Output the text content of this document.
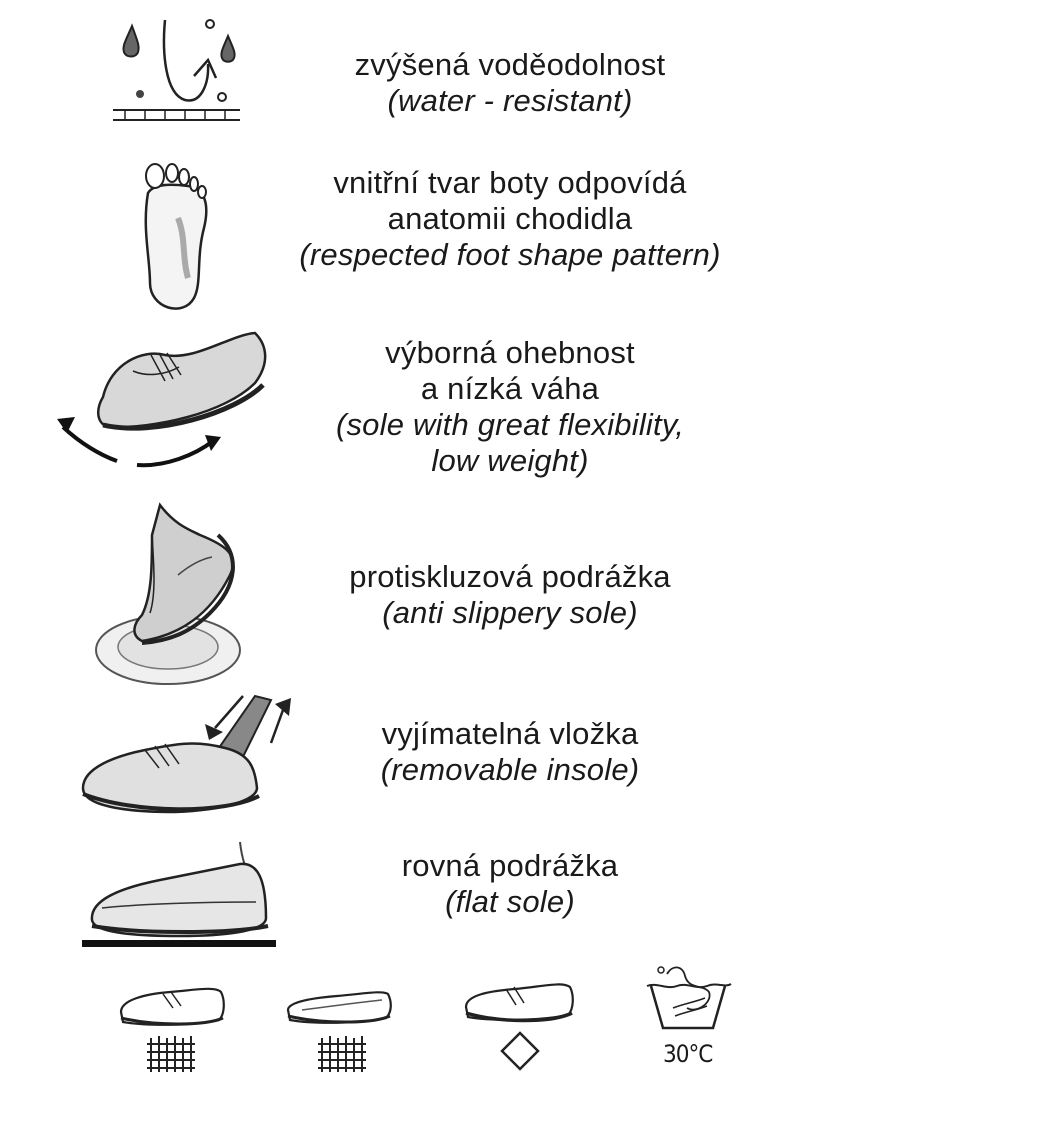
zvýšená voděodolnost
(water - resistant)
vnitřní tvar boty odpovídá
anatomii chodidla
(respected foot shape pattern)
výborná ohebnost
a nízká váha
(sole with great flexibility,
low weight)
protiskluzová podrážka
(anti slippery sole)
vyjímatelná vložka
(removable insole)
rovná podrážka
(flat sole)
30°C
